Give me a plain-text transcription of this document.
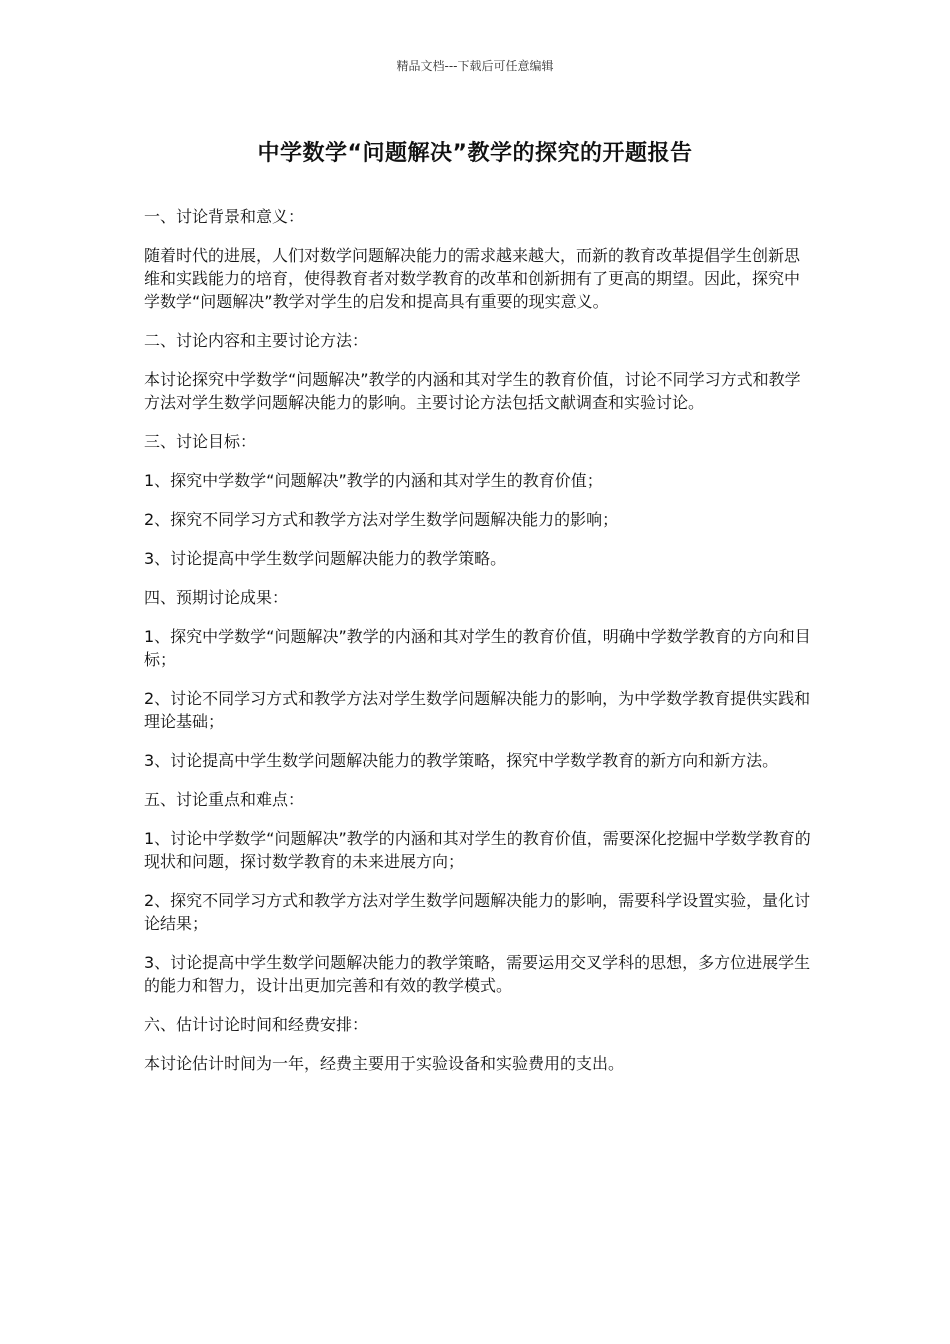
精品文档---下载后可任意编辑
中学数学“问题解决”教学的探究的开题报告

一、讨论背景和意义：

随着时代的进展，人们对数学问题解决能力的需求越来越大，而新的教育改革提倡学生创新思维和实践能力的培育，使得教育者对数学教育的改革和创新拥有了更高的期望。因此，探究中学数学“问题解决”教学对学生的启发和提高具有重要的现实意义。

二、讨论内容和主要讨论方法：

本讨论探究中学数学“问题解决”教学的内涵和其对学生的教育价值，讨论不同学习方式和教学方法对学生数学问题解决能力的影响。主要讨论方法包括文献调查和实验讨论。

三、讨论目标：

1、探究中学数学“问题解决”教学的内涵和其对学生的教育价值；

2、探究不同学习方式和教学方法对学生数学问题解决能力的影响；

3、讨论提高中学生数学问题解决能力的教学策略。

四、预期讨论成果：

1、探究中学数学“问题解决”教学的内涵和其对学生的教育价值，明确中学数学教育的方向和目标；

2、讨论不同学习方式和教学方法对学生数学问题解决能力的影响，为中学数学教育提供实践和理论基础；

3、讨论提高中学生数学问题解决能力的教学策略，探究中学数学教育的新方向和新方法。

五、讨论重点和难点：

1、讨论中学数学“问题解决”教学的内涵和其对学生的教育价值，需要深化挖掘中学数学教育的现状和问题，探讨数学教育的未来进展方向；

2、探究不同学习方式和教学方法对学生数学问题解决能力的影响，需要科学设置实验，量化讨论结果；

3、讨论提高中学生数学问题解决能力的教学策略，需要运用交叉学科的思想，多方位进展学生的能力和智力，设计出更加完善和有效的教学模式。

六、估计讨论时间和经费安排：

本讨论估计时间为一年，经费主要用于实验设备和实验费用的支出。
